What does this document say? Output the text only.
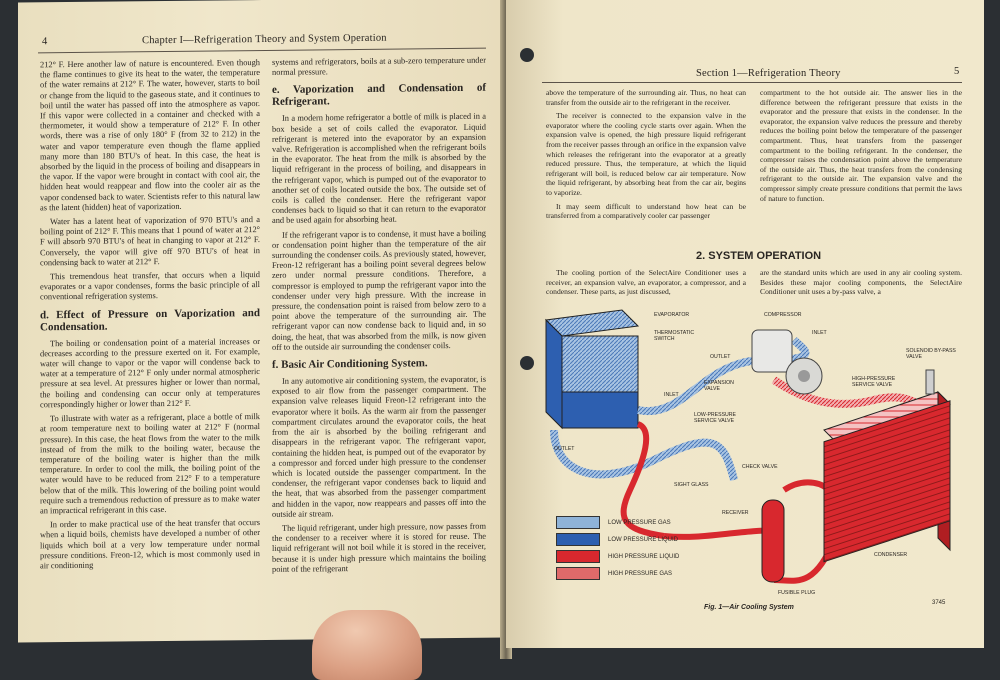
4	Chapter I—Refrigeration Theory and System Operation

212° F. Here another law of nature is encountered. Even though the flame continues to give its heat to the water, the temperature of the water remains at 212° F. The water, however, starts to boil or change from the liquid to the gaseous state, and it continues to boil until the water has passed off into the atmosphere as vapor. If this vapor were collected in a container and checked with a thermometer, it would show a temperature of 212° F. In other words, there was a rise of only 180° F (from 32 to 212) in the water and vapor temperature even though the flame applied many more than 180 BTU's of heat. In this case, the heat is absorbed by the liquid in the process of boiling and disappears in the vapor. If the vapor were brought in contact with cool air, the hidden heat would reappear and flow into the cooler air as the vapor condensed back to water. Scientists refer to this natural law as the latent (hidden) heat of vaporization.

Water has a latent heat of vaporization of 970 BTU's and a boiling point of 212° F. This means that 1 pound of water at 212° F will absorb 970 BTU's of heat in changing to vapor at 212° F. Conversely, the vapor will give off 970 BTU's of heat in condensing back to water at 212° F.

This tremendous heat transfer, that occurs when a liquid evaporates or a vapor condenses, forms the basic principle of all conventional refrigeration systems.

d. Effect of Pressure on Vaporization and Condensation.

The boiling or condensation point of a material increases or decreases according to the pressure exerted on it. For example, water will change to vapor or the vapor will condense back to water at a temperature of 212° F only under normal atmospheric pressure at sea level. At pressures higher or lower than normal, the boiling and condensing can occur only at temperatures correspondingly higher or lower than 212° F.

To illustrate with water as a refrigerant, place a bottle of milk at room temperature next to boiling water at 212° F (normal pressure). In this case, the heat flows from the water to the milk instead of from the milk to the boiling water, because the temperature of the boiling water is higher than the milk temperature. In order to cool the milk, the boiling point of the water would have to be reduced from 212° F to a temperature below that of the milk. This lowering of the boiling point would require such a tremendous reduction of pressure as to make water an impractical refrigerant in this case.

In order to make practical use of the heat transfer that occurs when a liquid boils, chemists have developed a number of other liquids which boil at a very low temperature under normal pressure conditions. Freon-12, which is most commonly used in air conditioning

systems and refrigerators, boils at a sub-zero temperature under normal pressure.

e. Vaporization and Condensation of Refrigerant.

In a modern home refrigerator a bottle of milk is placed in a box beside a set of coils called the evaporator. Liquid refrigerant is metered into the evaporator by an expansion valve. Refrigeration is accomplished when the refrigerant boils in the evaporator. The heat from the milk is absorbed by the liquid refrigerant in the process of boiling, and disappears in the refrigerant vapor, which is pumped out of the evaporator to another set of coils located outside the box. The outside set of coils is called the condenser. Here the refrigerant vapor condenses back to liquid so that it can return to the evaporator and be used again for absorbing heat.

If the refrigerant vapor is to condense, it must have a boiling or condensation point higher than the temperature of the air surrounding the condenser coils. As previously stated, however, Freon-12 refrigerant has a boiling point several degrees below zero under normal pressure conditions. Therefore, a compressor is employed to pump the refrigerant vapor into the condenser under very high pressure. With the increase in pressure, the condensation point is raised from below zero to a point above the temperature of the surrounding air. The refrigerant vapor can now condense back to liquid and, in so doing, the heat, that was absorbed from the milk, is now given off to the outside air surrounding the condenser coils.

f. Basic Air Conditioning System.

In any automotive air conditioning system, the evaporator, is exposed to air flow from the passenger compartment. The expansion valve releases liquid Freon-12 refrigerant into the evaporator where it boils. As the warm air from the passenger compartment circulates around the evaporator coils, the heat from the air is absorbed by the boiling refrigerant and disappears in the refrigerant vapor. The refrigerant vapor, containing the hidden heat, is pumped out of the evaporator by a compressor and forced under high pressure to the condenser which is located outside the passenger compartment. In the condenser, the refrigerant vapor condenses back to liquid and the heat, that was absorbed from the passenger compartment and hidden in the vapor, now reappears and passes off into the outside air stream.

The liquid refrigerant, under high pressure, now passes from the condenser to a receiver where it is stored for reuse. The liquid refrigerant will not boil while it is stored in the receiver, because it is under high pressure which maintains the boiling point of the refrigerant

Section 1—Refrigeration Theory	5

above the temperature of the surrounding air. Thus, no heat can transfer from the outside air to the refrigerant in the receiver.

The receiver is connected to the expansion valve in the evaporator where the cooling cycle starts over again. When the expansion valve is opened, the high pressure liquid refrigerant from the receiver passes through an orifice in the expansion valve which releases the refrigerant into the evaporator at a greatly reduced pressure. Thus, the temperature, at which the liquid refrigerant will boil, is reduced below car air temperature. Now the liquid refrigerant, by absorbing heat from the car air, begins to vaporize.

It may seem difficult to understand how heat can be transferred from a comparatively cooler car passenger

compartment to the hot outside air. The answer lies in the difference between the refrigerant pressure that exists in the evaporator and the pressure that exists in the condenser. In the evaporator, the expansion valve reduces the pressure and thereby reduces the boiling point below the temperature of the passenger compartment. Thus, heat transfers from the passenger compartment to the boiling refrigerant. In the condenser, the compressor raises the condensation point above the temperature of the outside air. Thus, the heat transfers from the condensing refrigerant to the outside air. The expansion valve and the compressor simply create pressure conditions that permit the laws of nature to function.

2. SYSTEM OPERATION

The cooling portion of the SelectAire Conditioner uses a receiver, an expansion valve, an evaporator, a compressor, and a condenser. These parts, as just discussed,

are the standard units which are used in any air cooling system. Besides these major cooling components, the SelectAire Conditioner unit uses a by-pass valve, a

EVAPORATOR
THERMOSTATIC SWITCH
COMPRESSOR
INLET
OUTLET
SOLENOID BY-PASS VALVE
HIGH-PRESSURE SERVICE VALVE
EXPANSION VALVE
INLET
LOW-PRESSURE SERVICE VALVE
OUTLET
CHECK VALVE
SIGHT GLASS
RECEIVER
FUSIBLE PLUG
CONDENSER
LOW PRESSURE GAS
LOW PRESSURE LIQUID
HIGH PRESSURE LIQUID
HIGH PRESSURE GAS
Fig. 1—Air Cooling System
3745
